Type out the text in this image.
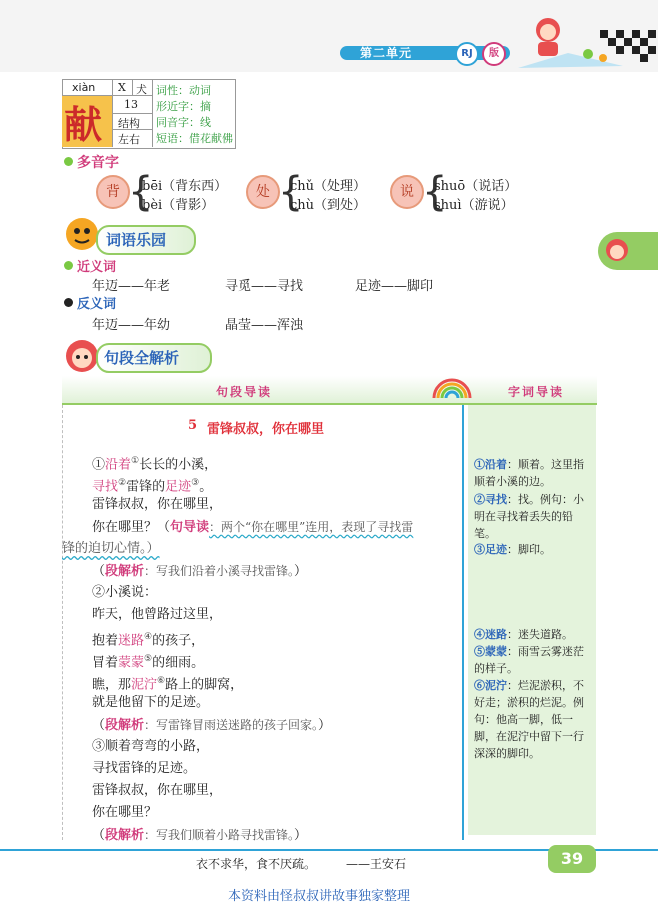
第二单元	RJ	版
xiàn X 犬
献 13
结构
左右
词性：动词
形近字：摘
同音字：线
短语：借花献佛
多音字
背 {
bēi（背东西）
bèi（背影）
处 {
chǔ（处理）
chù（到处）
说 {
shuō（说话）
shuì（游说）
词语乐园
近义词
年迈——年老	寻觅——寻找	足迹——脚印
反义词
年迈——年幼	晶莹——浑浊
句段全解析
句段导读	字词导读
5 雷锋叔叔，你在哪里
①沿着①长长的小溪，
寻找②雷锋的足迹③。
雷锋叔叔，你在哪里，
你在哪里？（句导读：两个“你在哪里”连用，表现了寻找雷
锋的迫切心情。）
（段解析：写我们沿着小溪寻找雷锋。）
②小溪说：
昨天，他曾路过这里，
抱着迷路④的孩子，
冒着蒙蒙⑤的细雨。
瞧，那泥泞⑥路上的脚窝，
就是他留下的足迹。
（段解析：写雷锋冒雨送迷路的孩子回家。）
③顺着弯弯的小路，
寻找雷锋的足迹。
雷锋叔叔，你在哪里，
你在哪里？
（段解析：写我们顺着小路寻找雷锋。）
①沿着：顺着。这里指顺着小溪的边。
②寻找：找。例句：小明在寻找着丢失的铅笔。
③足迹：脚印。
④迷路：迷失道路。
⑤蒙蒙：雨雪云雾迷茫的样子。
⑥泥泞：烂泥淤积，不好走；淤积的烂泥。例句：他高一脚，低一脚，在泥泞中留下一行深深的脚印。
衣不求华，食不厌疏。 ——王安石	39
本资料由怪叔叔讲故事独家整理
